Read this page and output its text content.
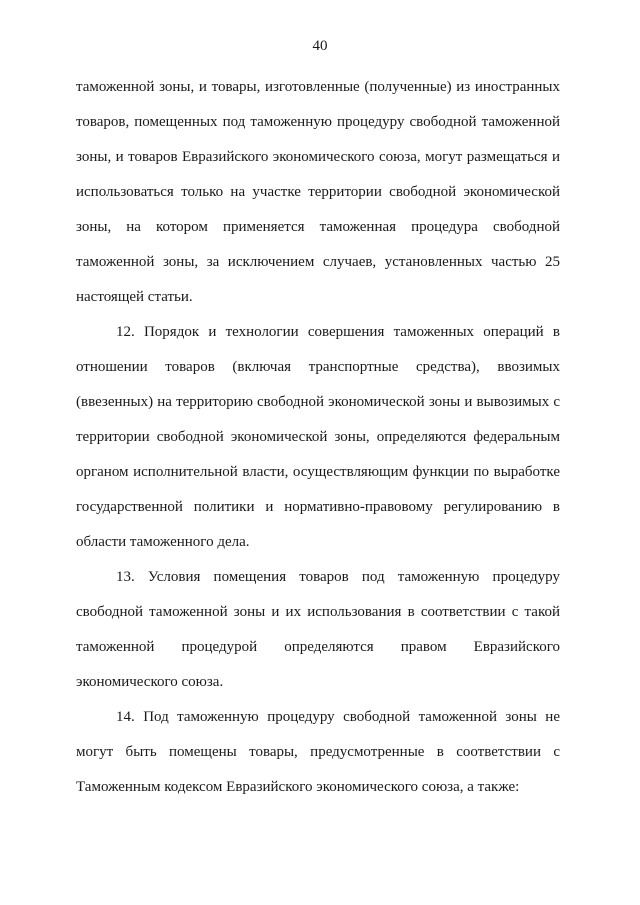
40

таможенной зоны, и товары, изготовленные (полученные) из иностранных товаров, помещенных под таможенную процедуру свободной таможенной зоны, и товаров Евразийского экономического союза, могут размещаться и использоваться только на участке территории свободной экономической зоны, на котором применяется таможенная процедура свободной таможенной зоны, за исключением случаев, установленных частью 25 настоящей статьи.

12. Порядок и технологии совершения таможенных операций в отношении товаров (включая транспортные средства), ввозимых (ввезенных) на территорию свободной экономической зоны и вывозимых с территории свободной экономической зоны, определяются федеральным органом исполнительной власти, осуществляющим функции по выработке государственной политики и нормативно-правовому регулированию в области таможенного дела.

13. Условия помещения товаров под таможенную процедуру свободной таможенной зоны и их использования в соответствии с такой таможенной процедурой определяются правом Евразийского экономического союза.

14. Под таможенную процедуру свободной таможенной зоны не могут быть помещены товары, предусмотренные в соответствии с Таможенным кодексом Евразийского экономического союза, а также:
